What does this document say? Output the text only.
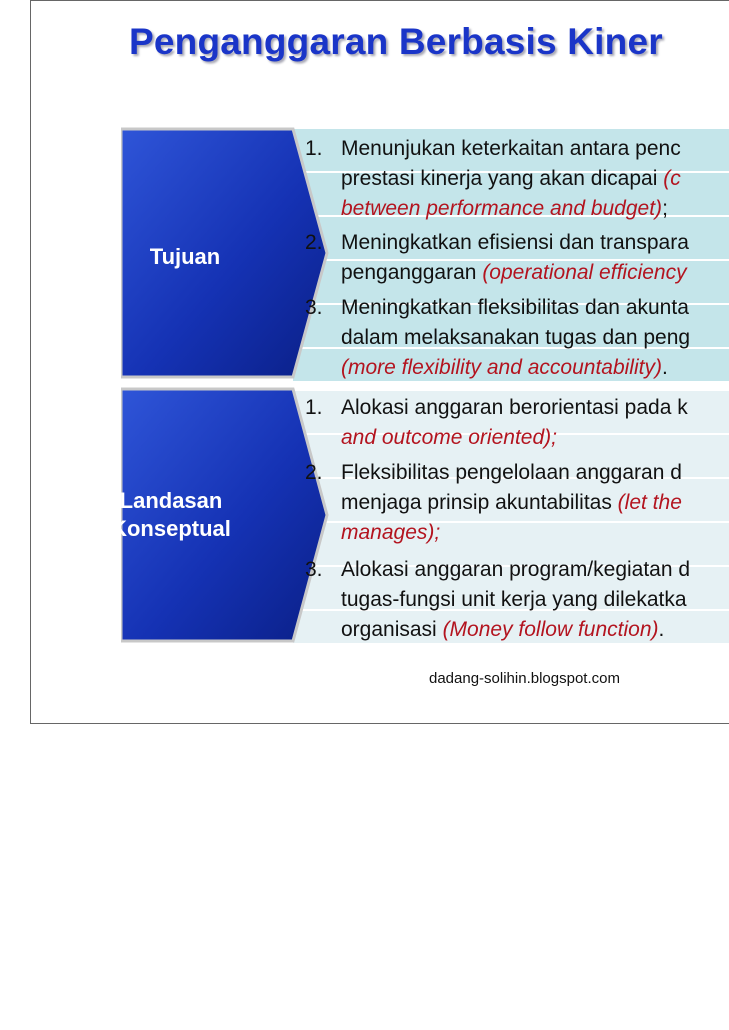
Penganggaran Berbasis Kiner
Tujuan
Landasan
Konseptual
1. Menunjukan keterkaitan antara penc
prestasi kinerja yang akan dicapai (c
between performance and budget);
2. Meningkatkan efisiensi dan transpara
penganggaran (operational efficiency
3. Meningkatkan fleksibilitas dan akunta
dalam melaksanakan tugas dan peng
(more flexibility and accountability).
1. Alokasi anggaran berorientasi pada k
and outcome oriented);
2. Fleksibilitas pengelolaan anggaran d
menjaga prinsip akuntabilitas (let the
manages);
3. Alokasi anggaran program/kegiatan d
tugas-fungsi unit kerja yang dilekatka
organisasi (Money follow function).
dadang-solihin.blogspot.com
